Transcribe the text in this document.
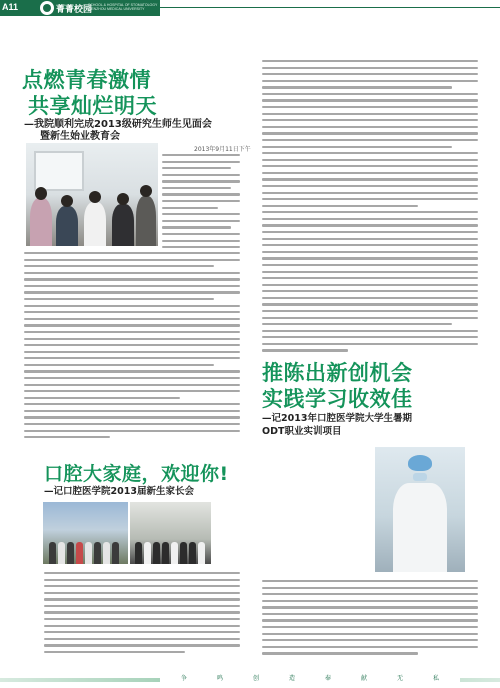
A11	菁菁校园
SCHOOL & HOSPITAL OF STOMATOLOGY WENZHOU MEDICAL UNIVERSITY
点燃青春激情
共享灿烂明天
—我院顺利完成2013级研究生师生见面会
暨新生始业教育会
2013年9月11日下午
推陈出新创机会
实践学习收效佳
—记2013年口腔医学院大学生暑期
ODT职业实训项目
口腔大家庭，欢迎你!
—记口腔医学院2013届新生家长会
争	鸣	创	造	奉	献	无	私
